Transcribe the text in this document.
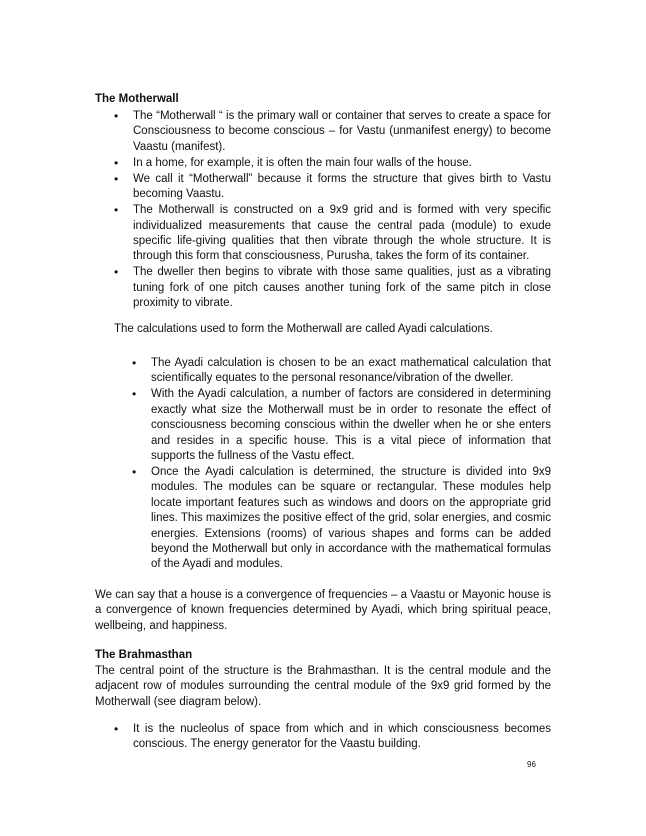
The Motherwall
• The “Motherwall “ is the primary wall or container that serves to create a space for Consciousness to become conscious – for Vastu (unmanifest energy) to become Vaastu (manifest).
• In a home, for example, it is often the main four walls of the house.
• We call it “Motherwall” because it forms the structure that gives birth to Vastu becoming Vaastu.
• The Motherwall is constructed on a 9x9 grid and is formed with very specific individualized measurements that cause the central pada (module) to exude specific life-giving qualities that then vibrate through the whole structure. It is through this form that consciousness, Purusha, takes the form of its container.
• The dweller then begins to vibrate with those same qualities, just as a vibrating tuning fork of one pitch causes another tuning fork of the same pitch in close proximity to vibrate.

The calculations used to form the Motherwall are called Ayadi calculations.

• The Ayadi calculation is chosen to be an exact mathematical calculation that scientifically equates to the personal resonance/vibration of the dweller.
• With the Ayadi calculation, a number of factors are considered in determining exactly what size the Motherwall must be in order to resonate the effect of consciousness becoming conscious within the dweller when he or she enters and resides in a specific house. This is a vital piece of information that supports the fullness of the Vastu effect.
• Once the Ayadi calculation is determined, the structure is divided into 9x9 modules. The modules can be square or rectangular. These modules help locate important features such as windows and doors on the appropriate grid lines. This maximizes the positive effect of the grid, solar energies, and cosmic energies. Extensions (rooms) of various shapes and forms can be added beyond the Motherwall but only in accordance with the mathematical formulas of the Ayadi and modules.

We can say that a house is a convergence of frequencies – a Vaastu or Mayonic house is a convergence of known frequencies determined by Ayadi, which bring spiritual peace, wellbeing, and happiness.

The Brahmasthan

The central point of the structure is the Brahmasthan. It is the central module and the adjacent row of modules surrounding the central module of the 9x9 grid formed by the Motherwall (see diagram below).

• It is the nucleolus of space from which and in which consciousness becomes conscious. The energy generator for the Vaastu building.
96
